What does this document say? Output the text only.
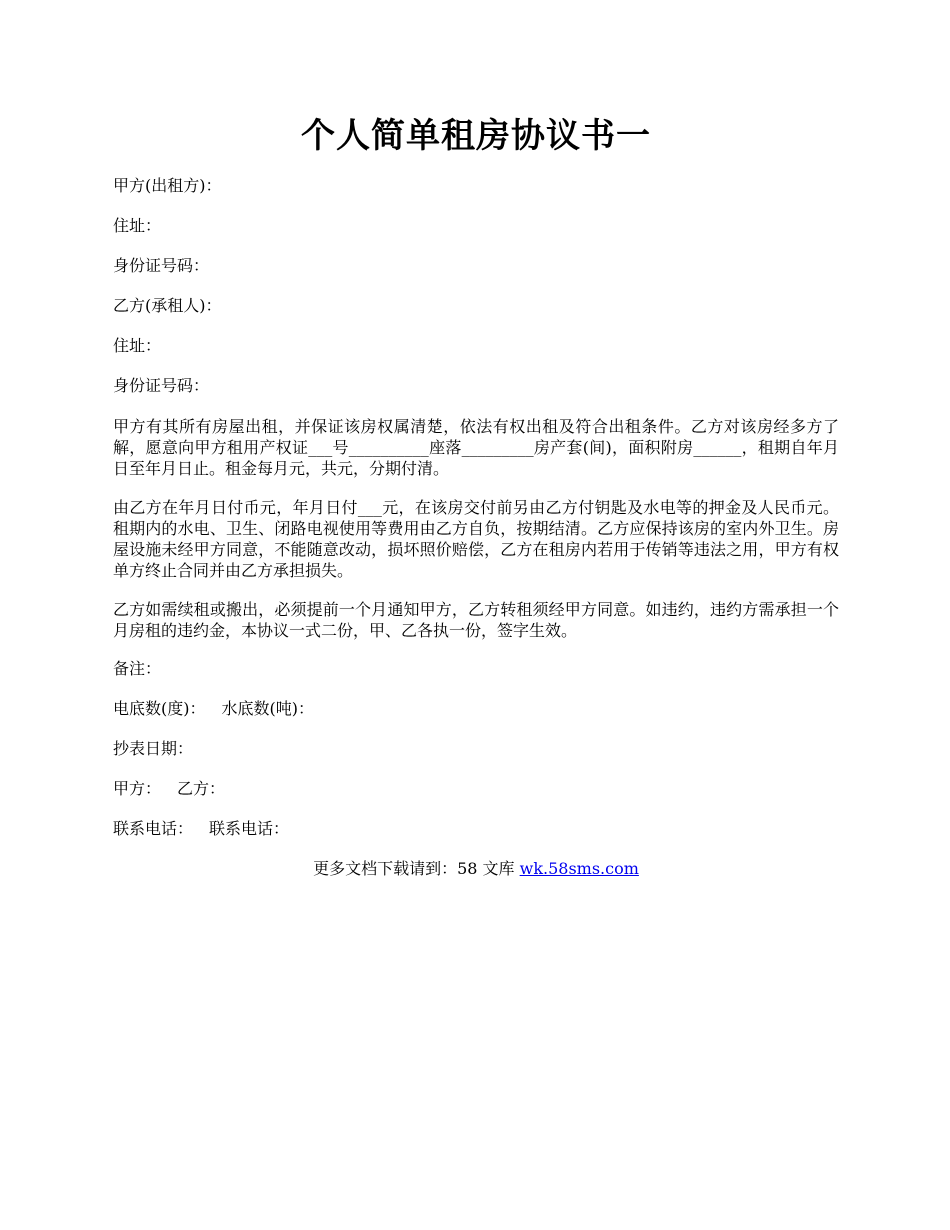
个人简单租房协议书一
甲方(出租方)：
住址：
身份证号码：
乙方(承租人)：
住址：
身份证号码：

甲方有其所有房屋出租，并保证该房权属清楚，依法有权出租及符合出租条件。乙方对该房经多方了解，愿意向甲方租用产权证___号__________座落_________房产套(间)，面积附房______，租期自年月日至年月日止。租金每月元，共元，分期付清。

由乙方在年月日付币元，年月日付___元，在该房交付前另由乙方付钥匙及水电等的押金及人民币元。租期内的水电、卫生、闭路电视使用等费用由乙方自负，按期结清。乙方应保持该房的室内外卫生。房屋设施未经甲方同意，不能随意改动，损坏照价赔偿，乙方在租房内若用于传销等违法之用，甲方有权单方终止合同并由乙方承担损失。

乙方如需续租或搬出，必须提前一个月通知甲方，乙方转租须经甲方同意。如违约，违约方需承担一个月房租的违约金，本协议一式二份，甲、乙各执一份，签字生效。

备注：
电底数(度)： 水底数(吨)：
抄表日期：
甲方： 乙方：
联系电话： 联系电话：
更多文档下载请到：58 文库 wk.58sms.com
